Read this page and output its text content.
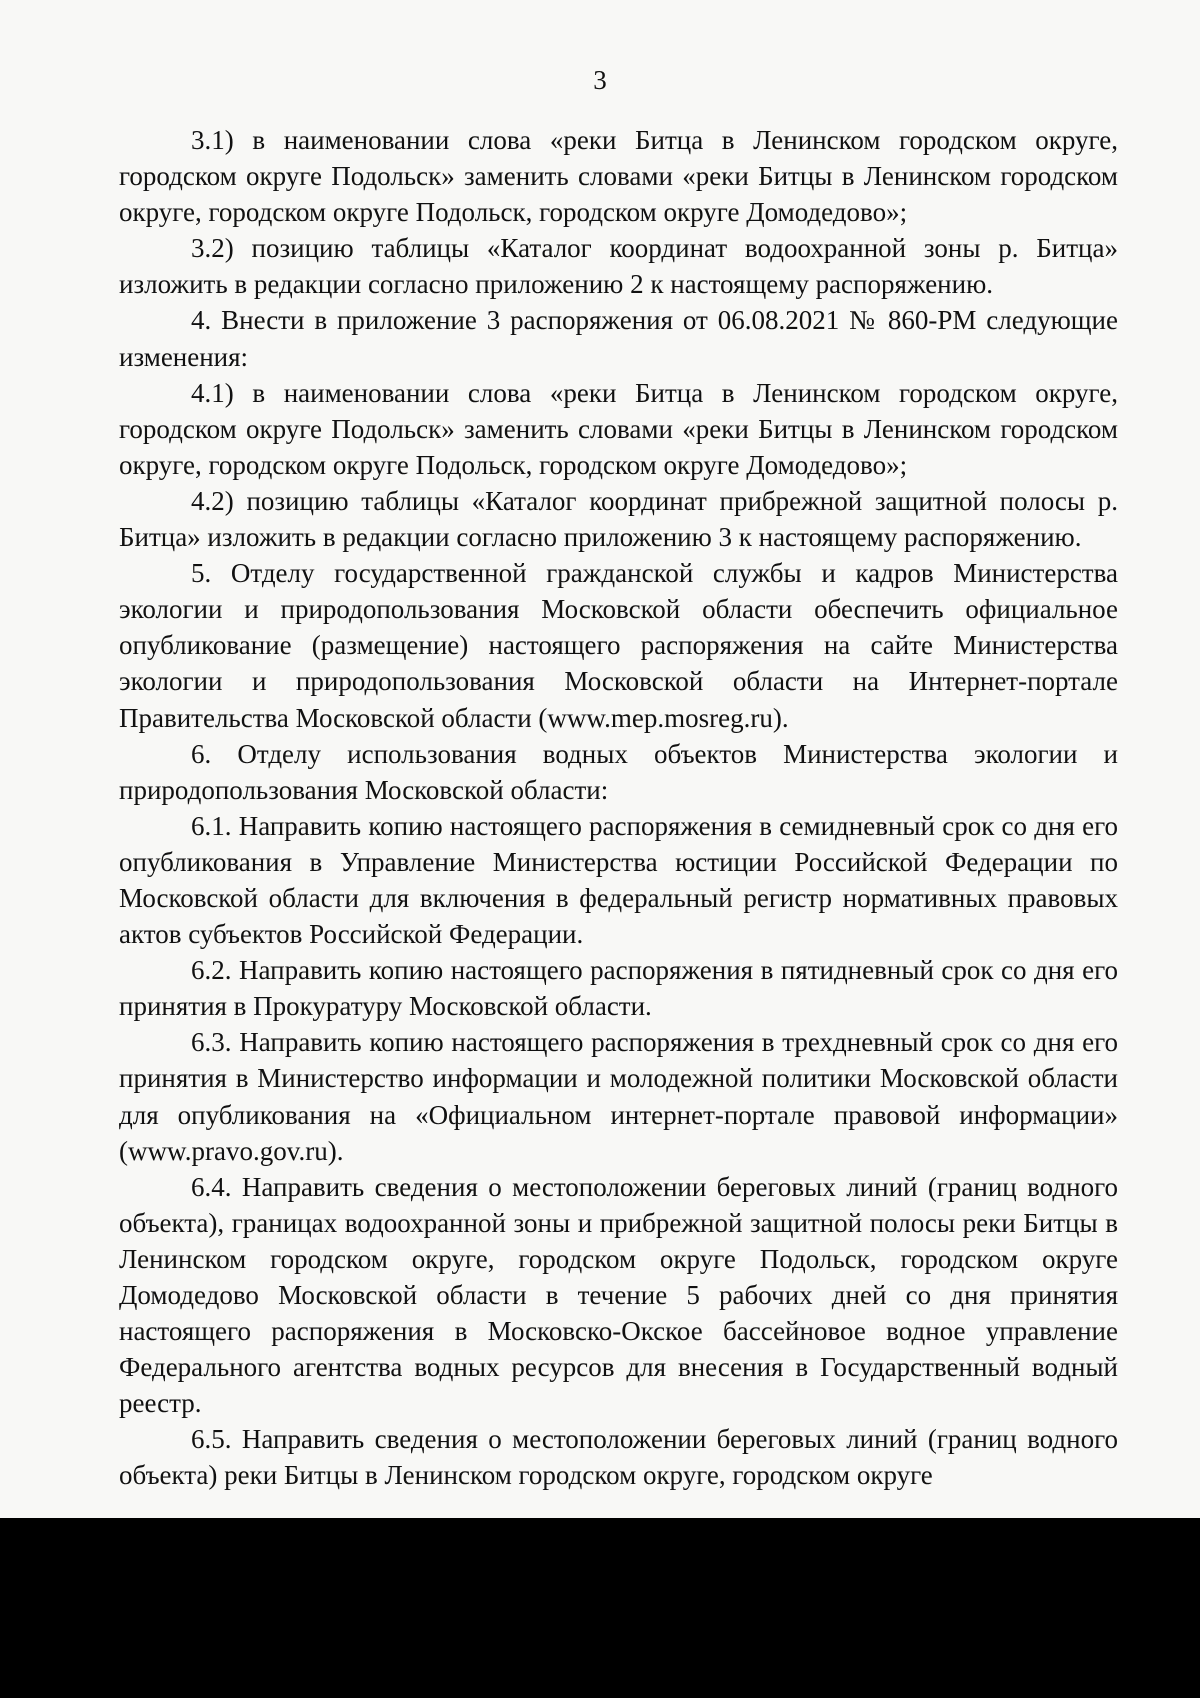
3

3.1) в наименовании слова «реки Битца в Ленинском городском округе, городском округе Подольск» заменить словами «реки Битцы в Ленинском городском округе, городском округе Подольск, городском округе Домодедово»;

3.2) позицию таблицы «Каталог координат водоохранной зоны р. Битца» изложить в редакции согласно приложению 2 к настоящему распоряжению.

4. Внести в приложение 3 распоряжения от 06.08.2021 № 860-РМ следующие изменения:

4.1) в наименовании слова «реки Битца в Ленинском городском округе, городском округе Подольск» заменить словами «реки Битцы в Ленинском городском округе, городском округе Подольск, городском округе Домодедово»;

4.2) позицию таблицы «Каталог координат прибрежной защитной полосы р. Битца» изложить в редакции согласно приложению 3 к настоящему распоряжению.

5. Отделу государственной гражданской службы и кадров Министерства экологии и природопользования Московской области обеспечить официальное опубликование (размещение) настоящего распоряжения на сайте Министерства экологии и природопользования Московской области на Интернет-портале Правительства Московской области (www.mep.mosreg.ru).

6. Отделу использования водных объектов Министерства экологии и природопользования Московской области:

6.1. Направить копию настоящего распоряжения в семидневный срок со дня его опубликования в Управление Министерства юстиции Российской Федерации по Московской области для включения в федеральный регистр нормативных правовых актов субъектов Российской Федерации.

6.2. Направить копию настоящего распоряжения в пятидневный срок со дня его принятия в Прокуратуру Московской области.

6.3. Направить копию настоящего распоряжения в трехдневный срок со дня его принятия в Министерство информации и молодежной политики Московской области для опубликования на «Официальном интернет-портале правовой информации» (www.pravo.gov.ru).

6.4. Направить сведения о местоположении береговых линий (границ водного объекта), границах водоохранной зоны и прибрежной защитной полосы реки Битцы в Ленинском городском округе, городском округе Подольск, городском округе Домодедово Московской области в течение 5 рабочих дней со дня принятия настоящего распоряжения в Московско-Окское бассейновое водное управление Федерального агентства водных ресурсов для внесения в Государственный водный реестр.

6.5. Направить сведения о местоположении береговых линий (границ водного объекта) реки Битцы в Ленинском городском округе, городском округе
